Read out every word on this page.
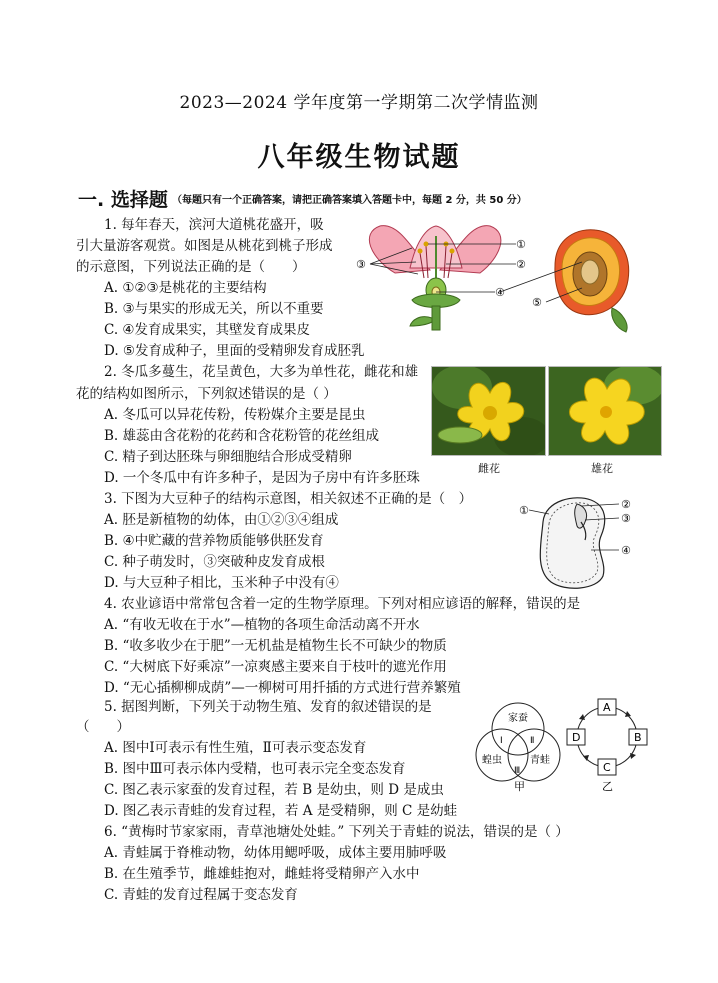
2023—2024 学年度第一学期第二次学情监测
八年级生物试题
一. 选择题 （每题只有一个正确答案，请把正确答案填入答题卡中，每题 2 分，共 50 分）
1. 每年春天，滨河大道桃花盛开，吸
引大量游客观赏。如图是从桃花到桃子形成
的示意图，下列说法正确的是（　　）
A. ①②③是桃花的主要结构
B. ③与果实的形成无关，所以不重要
C. ④发育成果实，其壁发育成果皮
D. ⑤发育成种子，里面的受精卵发育成胚乳
2. 冬瓜多蔓生，花呈黄色，大多为单性花，雌花和雄
花的结构如图所示，下列叙述错误的是（ ）
A. 冬瓜可以异花传粉，传粉媒介主要是昆虫
B. 雄蕊由含花粉的花药和含花粉管的花丝组成
C. 精子到达胚珠与卵细胞结合形成受精卵
D. 一个冬瓜中有许多种子，是因为子房中有许多胚珠
3. 下图为大豆种子的结构示意图，相关叙述不正确的是（　）
A. 胚是新植物的幼体，由①②③④组成
B. ④中贮藏的营养物质能够供胚发育
C. 种子萌发时，③突破种皮发育成根
D. 与大豆种子相比，玉米种子中没有④
4. 农业谚语中常常包含着一定的生物学原理。下列对相应谚语的解释，错误的是
A. “有收无收在于水”—植物的各项生命活动离不开水
B. “收多收少在于肥”一无机盐是植物生长不可缺少的物质
C. “大树底下好乘凉”一凉爽感主要来自于枝叶的遮光作用
D. “无心插柳柳成荫”—一柳树可用扦插的方式进行营养繁殖
5. 据图判断，下列关于动物生殖、发育的叙述错误的是
（　　）
A. 图中Ⅰ可表示有性生殖，Ⅱ可表示变态发育
B. 图中Ⅲ可表示体内受精，也可表示完全变态发育
C. 图乙表示家蚕的发育过程，若 B 是幼虫，则 D 是成虫
D. 图乙表示青蛙的发育过程，若 A 是受精卵，则 C 是幼蛙
6. “黄梅时节家家雨，青草池塘处处蛙。” 下列关于青蛙的说法，错误的是（ ）
A. 青蛙属于脊椎动物，幼体用鳃呼吸，成体主要用肺呼吸
B. 在生殖季节，雌雄蛙抱对，雌蛙将受精卵产入水中
C. 青蛙的发育过程属于变态发育
①
②
③
④
⑤
雌花	雄花
①	②
③
④
家蚕
蝗虫	青蛙
Ⅰ	Ⅱ
Ⅲ
甲
A
B
C
D
乙
